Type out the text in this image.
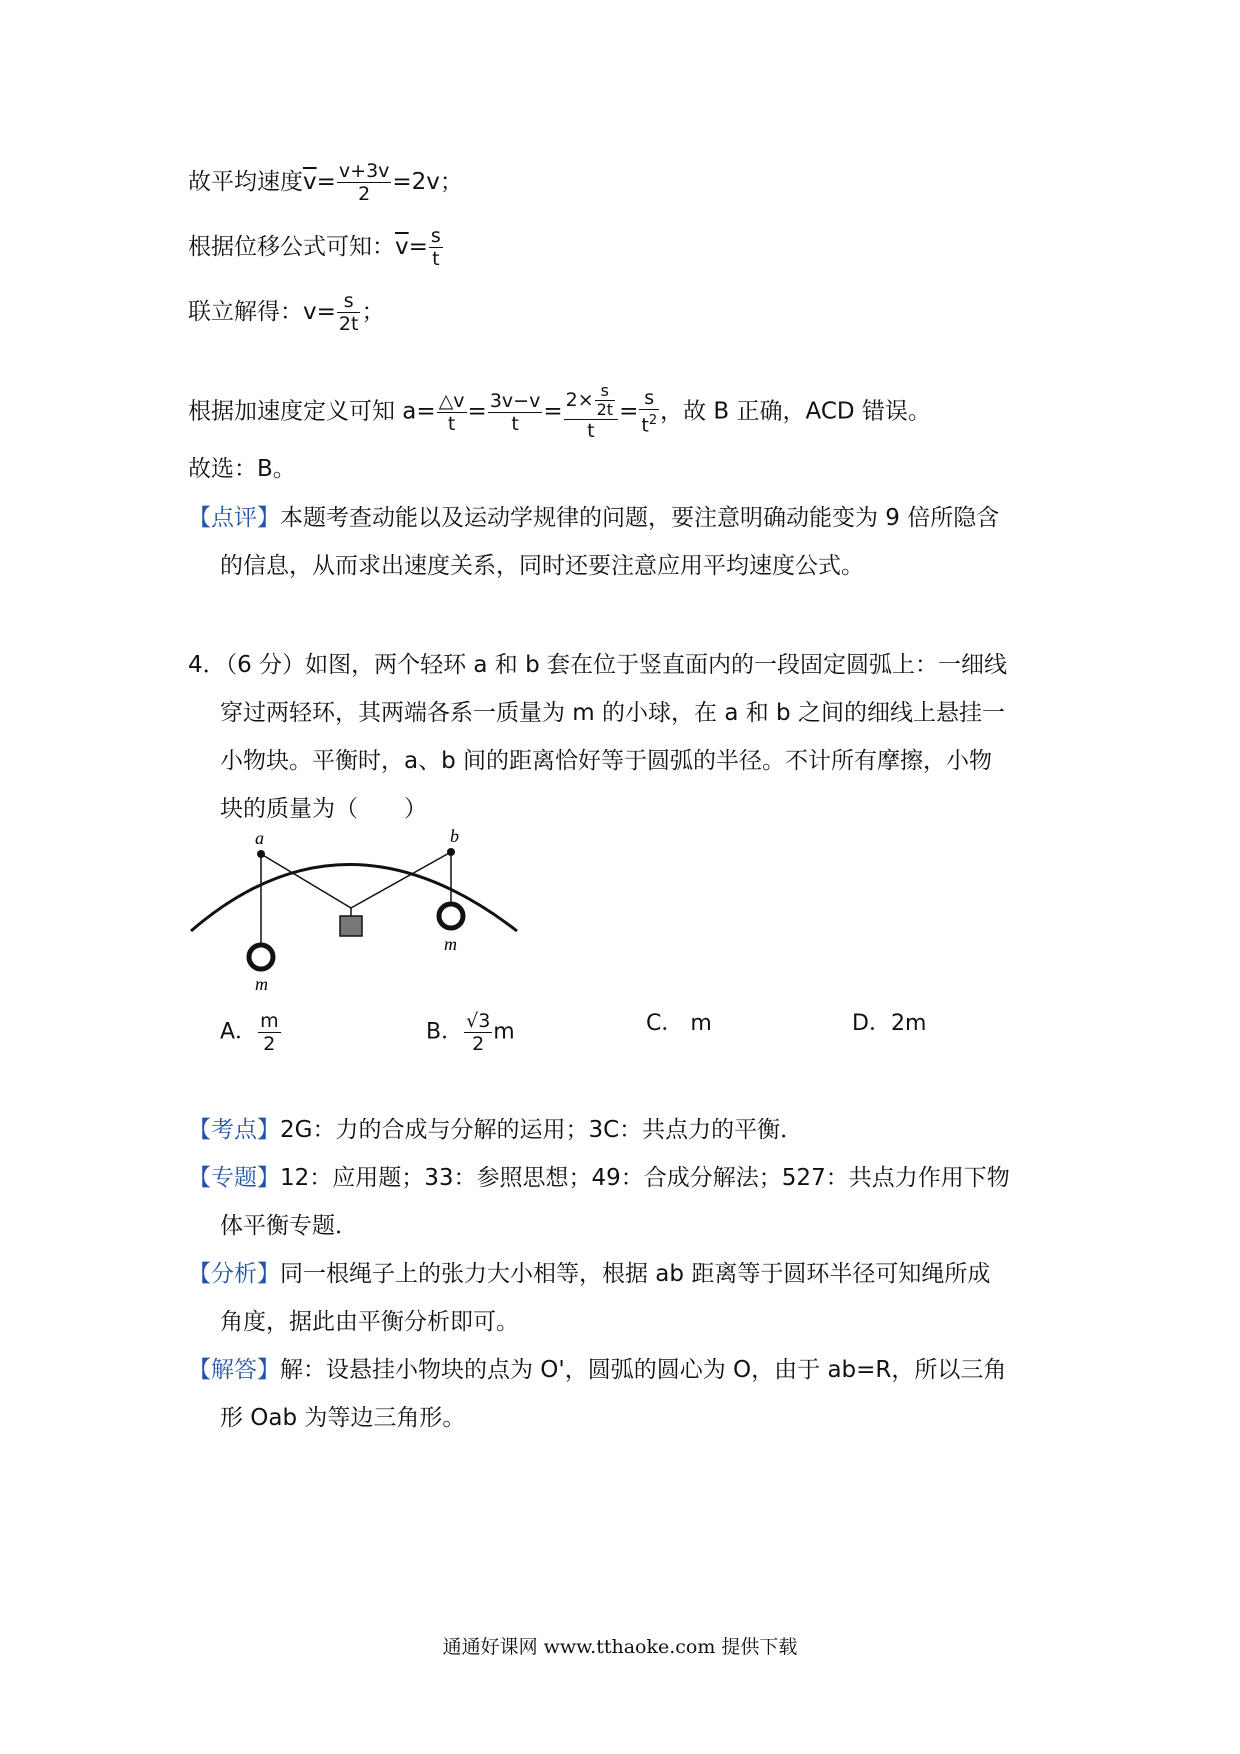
故平均速度$\overline{v}= \frac{v+3v}{2} =2v$；
根据位移公式可知：$\overline{v}= \frac{s}{t}$
联立解得：$v= \frac{s}{2t}$ ；
根据加速度定义可知 $a= \frac{\triangle v}{t} = \frac{3v-v}{t} = \frac{2\times \frac{s}{2t}}{t} = \frac{s}{t^2}$ ，故 B 正确，ACD 错误。
故选：B。
【点评】本题考查动能以及运动学规律的问题，要注意明确动能变为 9 倍所隐含
的信息，从而求出速度关系，同时还要注意应用平均速度公式。
4．（6 分）如图，两个轻环 a 和 b 套在位于竖直面内的一段固定圆弧上：一细线
穿过两轻环，其两端各系一质量为 m 的小球，在 a 和 b 之间的细线上悬挂一
小物块。平衡时，a、b 间的距离恰好等于圆弧的半径。不计所有摩擦，小物
块的质量为（　　）
a	b
m
m
A． $\frac{m}{2}$	B． $\frac{√3}{2}$ m	C． m	D．2m
【考点】2G：力的合成与分解的运用；3C：共点力的平衡．
【专题】12：应用题；33：参照思想；49：合成分解法；527：共点力作用下物
体平衡专题．
【分析】同一根绳子上的张力大小相等，根据 ab 距离等于圆环半径可知绳所成
角度，据此由平衡分析即可。
【解答】解：设悬挂小物块的点为 O'，圆弧的圆心为 O，由于 ab=R，所以三角
形 Oab 为等边三角形。
通通好课网 www.tthaoke.com 提供下载
